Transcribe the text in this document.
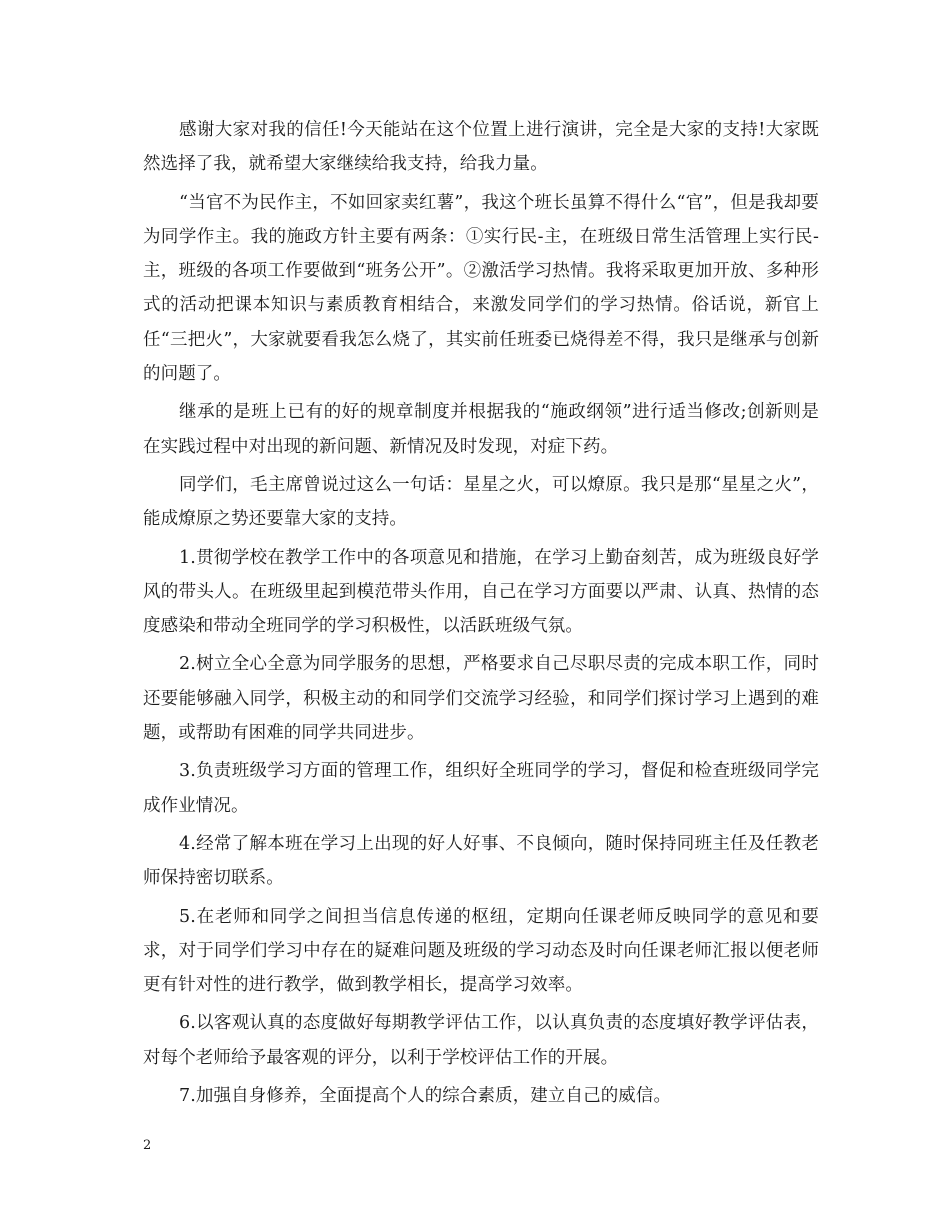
感谢大家对我的信任!今天能站在这个位置上进行演讲，完全是大家的支持!大家既然选择了我，就希望大家继续给我支持，给我力量。

“当官不为民作主，不如回家卖红薯”，我这个班长虽算不得什么“官”，但是我却要为同学作主。我的施政方针主要有两条：①实行民-主，在班级日常生活管理上实行民-主，班级的各项工作要做到“班务公开”。②激活学习热情。我将采取更加开放、多种形式的活动把课本知识与素质教育相结合，来激发同学们的学习热情。俗话说，新官上任“三把火”，大家就要看我怎么烧了，其实前任班委已烧得差不得，我只是继承与创新的问题了。

继承的是班上已有的好的规章制度并根据我的“施政纲领”进行适当修改;创新则是在实践过程中对出现的新问题、新情况及时发现，对症下药。

同学们，毛主席曾说过这么一句话：星星之火，可以燎原。我只是那“星星之火”，能成燎原之势还要靠大家的支持。

1.贯彻学校在教学工作中的各项意见和措施，在学习上勤奋刻苦，成为班级良好学风的带头人。在班级里起到模范带头作用，自己在学习方面要以严肃、认真、热情的态度感染和带动全班同学的学习积极性，以活跃班级气氛。

2.树立全心全意为同学服务的思想，严格要求自己尽职尽责的完成本职工作，同时还要能够融入同学，积极主动的和同学们交流学习经验，和同学们探讨学习上遇到的难题，或帮助有困难的同学共同进步。

3.负责班级学习方面的管理工作，组织好全班同学的学习，督促和检查班级同学完成作业情况。

4.经常了解本班在学习上出现的好人好事、不良倾向，随时保持同班主任及任教老师保持密切联系。

5.在老师和同学之间担当信息传递的枢纽，定期向任课老师反映同学的意见和要求，对于同学们学习中存在的疑难问题及班级的学习动态及时向任课老师汇报以便老师更有针对性的进行教学，做到教学相长，提高学习效率。

6.以客观认真的态度做好每期教学评估工作，以认真负责的态度填好教学评估表，对每个老师给予最客观的评分，以利于学校评估工作的开展。

7.加强自身修养，全面提高个人的综合素质，建立自己的威信。

2
